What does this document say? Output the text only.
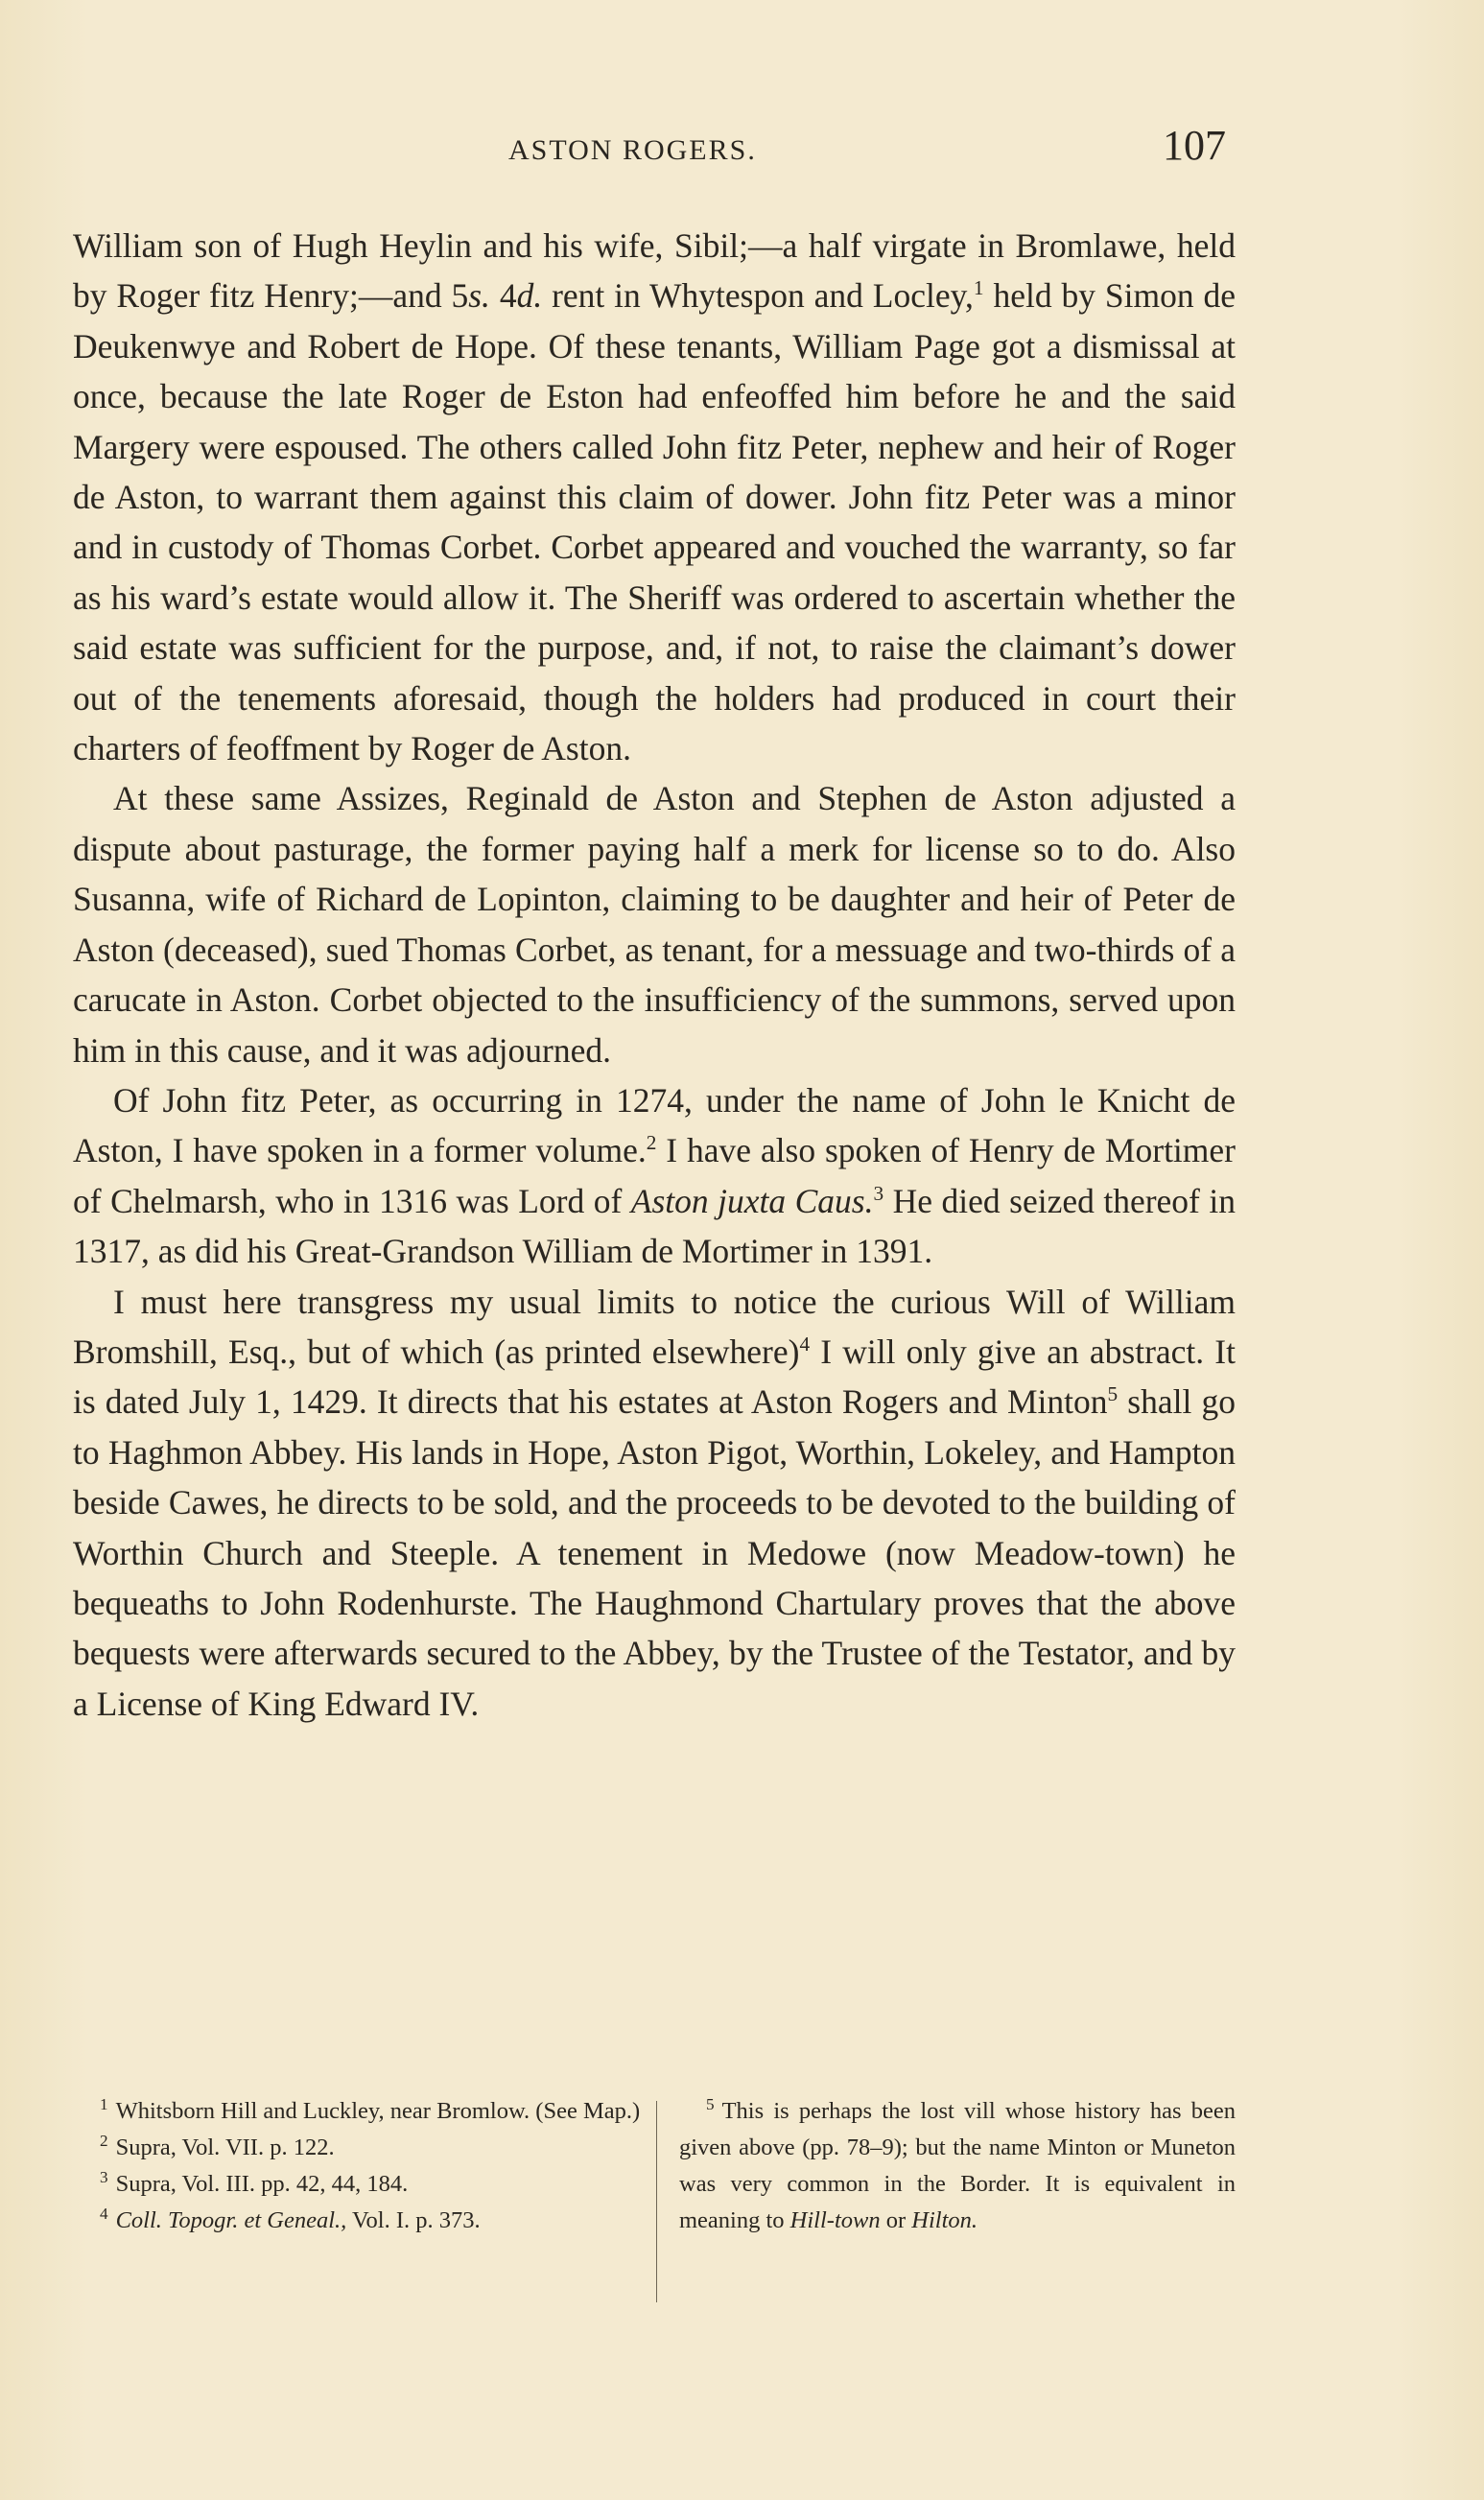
ASTON ROGERS.	107

William son of Hugh Heylin and his wife, Sibil;—a half virgate in Bromlawe, held by Roger fitz Henry;—and 5s. 4d. rent in Whytespon and Locley,$^1$ held by Simon de Deukenwye and Robert de Hope. Of these tenants, William Page got a dismissal at once, because the late Roger de Eston had enfeoffed him before he and the said Margery were espoused. The others called John fitz Peter, nephew and heir of Roger de Aston, to warrant them against this claim of dower. John fitz Peter was a minor and in custody of Thomas Corbet. Corbet appeared and vouched the warranty, so far as his ward’s estate would allow it. The Sheriff was ordered to ascertain whether the said estate was sufficient for the purpose, and, if not, to raise the claimant’s dower out of the tenements aforesaid, though the holders had produced in court their charters of feoffment by Roger de Aston.

At these same Assizes, Reginald de Aston and Stephen de Aston adjusted a dispute about pasturage, the former paying half a merk for license so to do. Also Susanna, wife of Richard de Lopinton, claiming to be daughter and heir of Peter de Aston (deceased), sued Thomas Corbet, as tenant, for a messuage and two-thirds of a carucate in Aston. Corbet objected to the insufficiency of the summons, served upon him in this cause, and it was adjourned.

Of John fitz Peter, as occurring in 1274, under the name of John le Knicht de Aston, I have spoken in a former volume.$^2$ I have also spoken of Henry de Mortimer of Chelmarsh, who in 1316 was Lord of Aston juxta Caus.$^3$ He died seized thereof in 1317, as did his Great-Grandson William de Mortimer in 1391.

I must here transgress my usual limits to notice the curious Will of William Bromshill, Esq., but of which (as printed elsewhere)$^4$ I will only give an abstract. It is dated July 1, 1429. It directs that his estates at Aston Rogers and Minton$^5$ shall go to Haghmon Abbey. His lands in Hope, Aston Pigot, Worthin, Lokeley, and Hampton beside Cawes, he directs to be sold, and the proceeds to be devoted to the building of Worthin Church and Steeple. A tenement in Medowe (now Meadow-town) he bequeaths to John Rodenhurste. The Haughmond Chartulary proves that the above bequests were afterwards secured to the Abbey, by the Trustee of the Testator, and by a License of King Edward IV.

$^1$ Whitsborn Hill and Luckley, near Bromlow. (See Map.)

$^2$ Supra, Vol. VII. p. 122.

$^3$ Supra, Vol. III. pp. 42, 44, 184.

$^4$ Coll. Topogr. et Geneal., Vol. I. p. 373.

$^5$ This is perhaps the lost vill whose history has been given above (pp. 78–9); but the name Minton or Muneton was very common in the Border. It is equivalent in meaning to Hill-town or Hilton.
